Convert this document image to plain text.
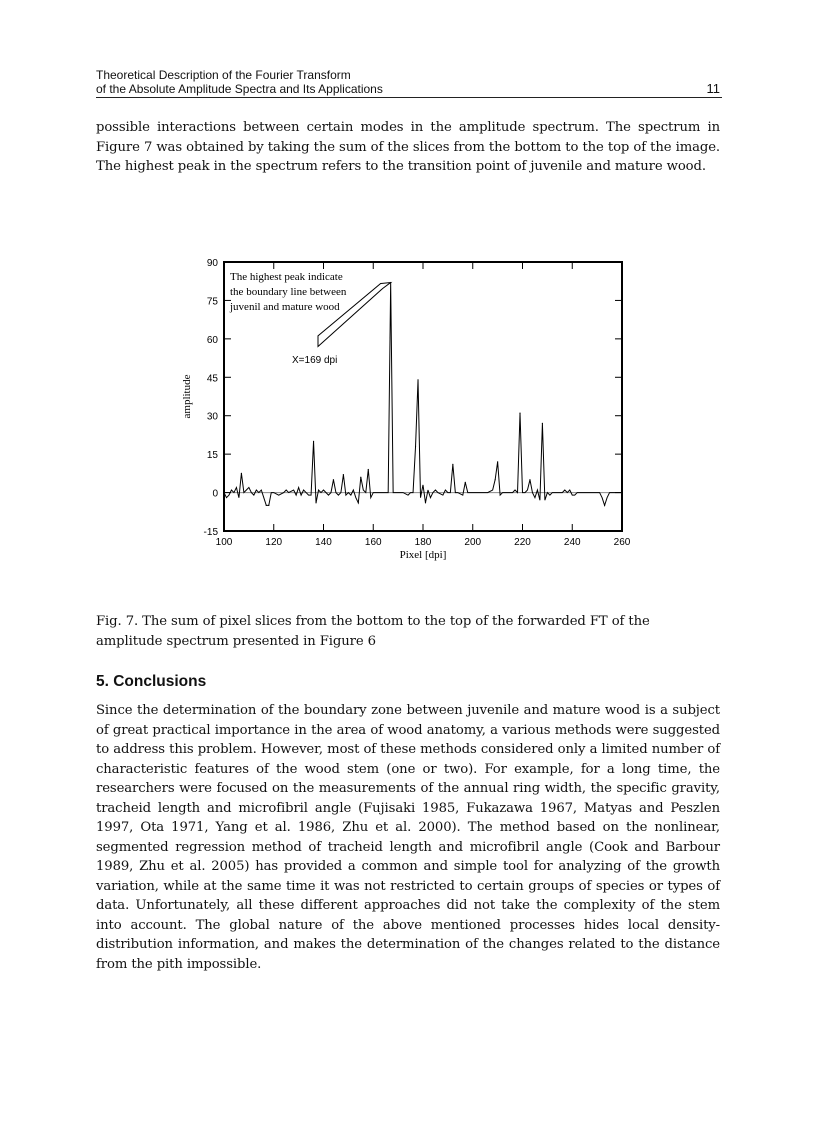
Theoretical Description of the Fourier Transform
of the Absolute Amplitude Spectra and Its Applications	11
possible interactions between certain modes in the amplitude spectrum. The spectrum in Figure 7 was obtained by taking the sum of the slices from the bottom to the top of the image. The highest peak in the spectrum refers to the transition point of juvenile and mature wood.
100	120	140	160	180	200	220	240	260
90
75
60
45
30
15
0
-15
Pixel [dpi]
amplitude
The highest peak indicate
the boundary line between
juvenil and mature wood
X=169 dpi
Fig. 7. The sum of pixel slices from the bottom to the top of the forwarded FT of the amplitude spectrum presented in Figure 6
5. Conclusions
Since the determination of the boundary zone between juvenile and mature wood is a subject of great practical importance in the area of wood anatomy, a various methods were suggested to address this problem. However, most of these methods considered only a limited number of characteristic features of the wood stem (one or two). For example, for a long time, the researchers were focused on the measurements of the annual ring width, the specific gravity, tracheid length and microfibril angle (Fujisaki 1985, Fukazawa 1967, Matyas and Peszlen 1997, Ota 1971, Yang et al. 1986, Zhu et al. 2000). The method based on the nonlinear, segmented regression method of tracheid length and microfibril angle (Cook and Barbour 1989, Zhu et al. 2005) has provided a common and simple tool for analyzing of the growth variation, while at the same time it was not restricted to certain groups of species or types of data. Unfortunately, all these different approaches did not take the complexity of the stem into account. The global nature of the above mentioned processes hides local density-distribution information, and makes the determination of the changes related to the distance from the pith impossible.
